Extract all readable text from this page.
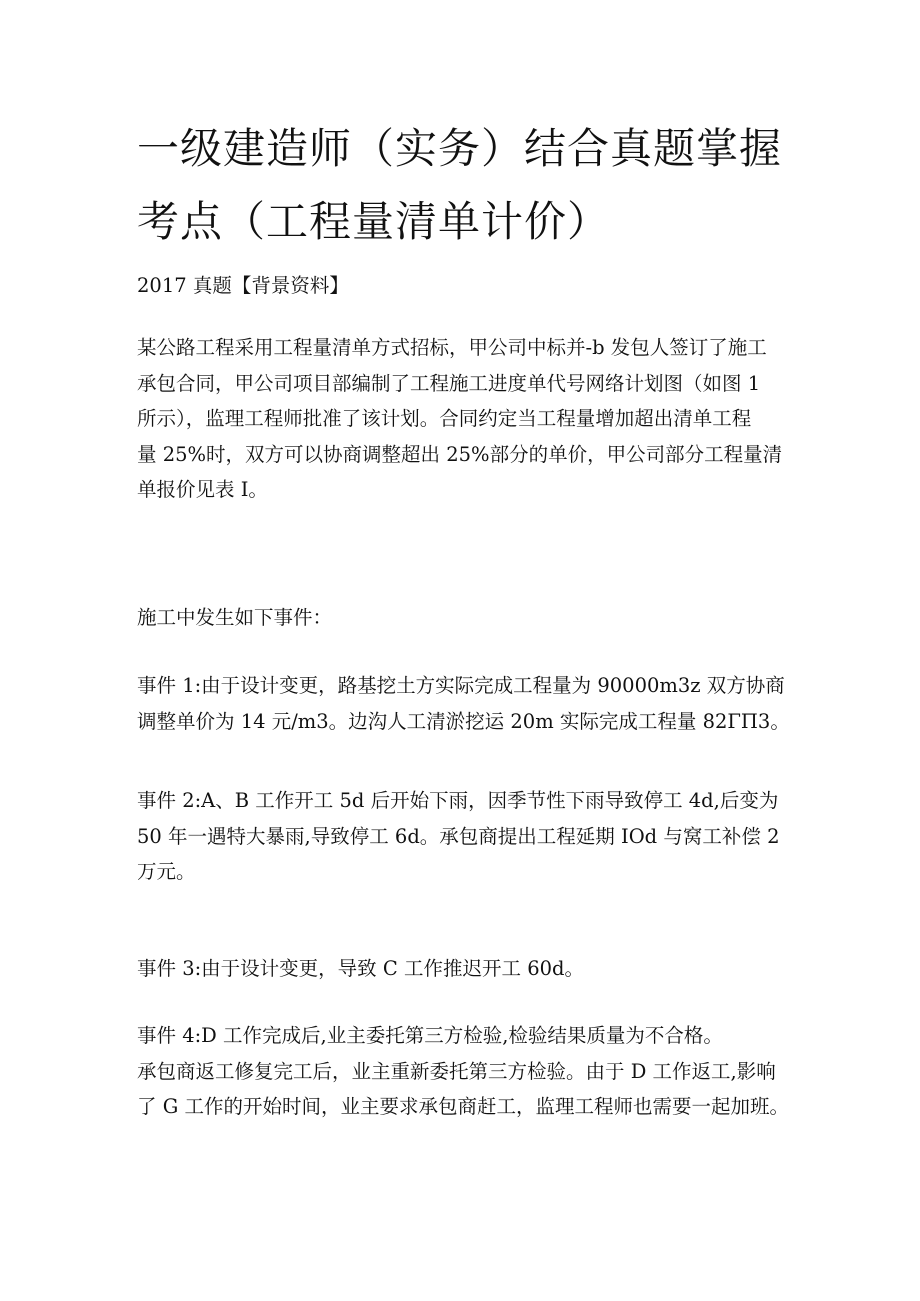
一级建造师（实务）结合真题掌握
考点（工程量清单计价）
2017 真题【背景资料】
某公路工程采用工程量清单方式招标，甲公司中标并-b 发包人签订了施工
承包合同，甲公司项目部编制了工程施工进度单代号网络计划图（如图 1
所示），监理工程师批准了该计划。合同约定当工程量增加超出清单工程
量 25%时，双方可以协商调整超出 25%部分的单价，甲公司部分工程量清
单报价见表 I。
施工中发生如下事件：
事件 1:由于设计变更，路基挖土方实际完成工程量为 90000m3z 双方协商
调整单价为 14 元/m3。边沟人工清淤挖运 20m 实际完成工程量 82ΓΠ3。
事件 2:A、B 工作开工 5d 后开始下雨，因季节性下雨导致停工 4d,后变为
50 年一遇特大暴雨,导致停工 6d。承包商提出工程延期 IOd 与窝工补偿 2
万元。
事件 3:由于设计变更，导致 C 工作推迟开工 60d。
事件 4:D 工作完成后,业主委托第三方检验,检验结果质量为不合格。
承包商返工修复完工后，业主重新委托第三方检验。由于 D 工作返工,影响
了 G 工作的开始时间，业主要求承包商赶工，监理工程师也需要一起加班。
